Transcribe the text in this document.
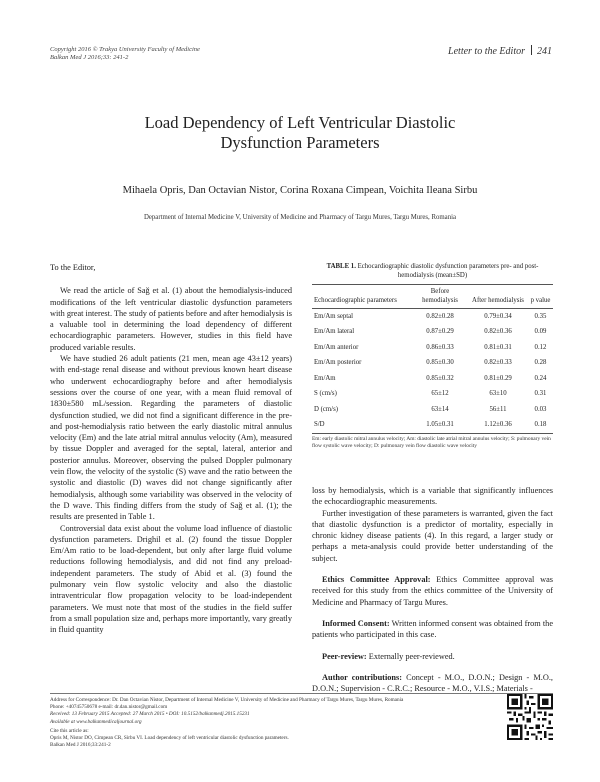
Copyright 2016 © Trakya University Faculty of Medicine
Balkan Med J 2016;33: 241-2
Letter to the Editor 241
Load Dependency of Left Ventricular Diastolic
Dysfunction Parameters
Mihaela Opris, Dan Octavian Nistor, Corina Roxana Cimpean, Voichita Ileana Sirbu
Department of Internal Medicine V, University of Medicine and Pharmacy of Targu Mures, Targu Mures, Romania

To the Editor,

We read the article of Sağ et al. (1) about the hemodialysis-induced modifications of the left ventricular diastolic dysfunction parameters with great interest. The study of patients before and after hemodialysis is a valuable tool in determining the load dependency of different echocardiographic parameters. However, studies in this field have produced variable results.

We have studied 26 adult patients (21 men, mean age 43±12 years) with end-stage renal disease and without previous known heart disease who underwent echocardiography before and after hemodialysis sessions over the course of one year, with a mean fluid removal of 1830±580 mL/session. Regarding the parameters of diastolic dysfunction studied, we did not find a significant difference in the pre- and post-hemodialysis ratio between the early diastolic mitral annulus velocity (Em) and the late atrial mitral annulus velocity (Am), measured by tissue Doppler and averaged for the septal, lateral, anterior and posterior annulus. Moreover, observing the pulsed Doppler pulmonary vein flow, the velocity of the systolic (S) wave and the ratio between the systolic and diastolic (D) waves did not change significantly after hemodialysis, although some variability was observed in the velocity of the D wave. This finding differs from the study of Sağ et al. (1); the results are presented in Table 1.

Controversial data exist about the volume load influence of diastolic dysfunction parameters. Drighil et al. (2) found the tissue Doppler Em/Am ratio to be load-dependent, but only after large fluid volume reductions following hemodialysis, and did not find any preload-independent parameters. The study of Abid et al. (3) found the pulmonary vein flow systolic velocity and also the diastolic intraventricular flow propagation velocity to be load-independent parameters. We must note that most of the studies in the field suffer from a small population size and, perhaps more importantly, vary greatly in fluid quantity

TABLE 1. Echocardiographic diastolic dysfunction parameters pre- and post-hemodialysis (mean±SD)
Echocardiographic parameters	Before hemodialysis	After hemodialysis	p value
Em/Am septal	0.82±0.28	0.79±0.34	0.35
Em/Am lateral	0.87±0.29	0.82±0.36	0.09
Em/Am anterior	0.86±0.33	0.81±0.31	0.12
Em/Am posterior	0.85±0.30	0.82±0.33	0.28
Em/Am	0.85±0.32	0.81±0.29	0.24
S (cm/s)	65±12	63±10	0.31
D (cm/s)	63±14	56±11	0.03
S/D	1.05±0.31	1.12±0.36	0.18
Em: early diastolic mitral annulus velocity; Am: diastolic late atrial mitral annulus velocity; S: pulmonary vein flow systolic wave velocity; D: pulmonary vein flow diastolic wave velocity

loss by hemodialysis, which is a variable that significantly influences the echocardiographic measurements.

Further investigation of these parameters is warranted, given the fact that diastolic dysfunction is a predictor of mortality, especially in chronic kidney disease patients (4). In this regard, a larger study or perhaps a meta-analysis could provide better understanding of the subject.

Ethics Committee Approval: Ethics Committee approval was received for this study from the ethics committee of the University of Medicine and Pharmacy of Targu Mures.

Informed Consent: Written informed consent was obtained from the patients who participated in this case.

Peer-review: Externally peer-reviewed.

Author contributions: Concept - M.O., D.O.N.; Design - M.O., D.O.N.; Supervision - C.R.C.; Resource - M.O., V.I.S.; Materials -

Address for Correspondence: Dr. Dan Octavian Nistor, Department of Internal Medicine V, University of Medicine and Pharmacy of Targu Mures, Targu Mures, Romania
Phone: +40745750678 e-mail: dr.dan.nistor@gmail.com
Received: 13 February 2015 Accepted: 27 March 2015 • DOI: 10.5152/balkanmedj.2015.15231
Available at www.balkanmedicaljournal.org
Cite this article as:
Opris M, Nistor DO, Cimpean CR, Sirbu VI. Load dependency of left ventricular diastolic dysfunction parameters.
Balkan Med J 2016;33:241-2
